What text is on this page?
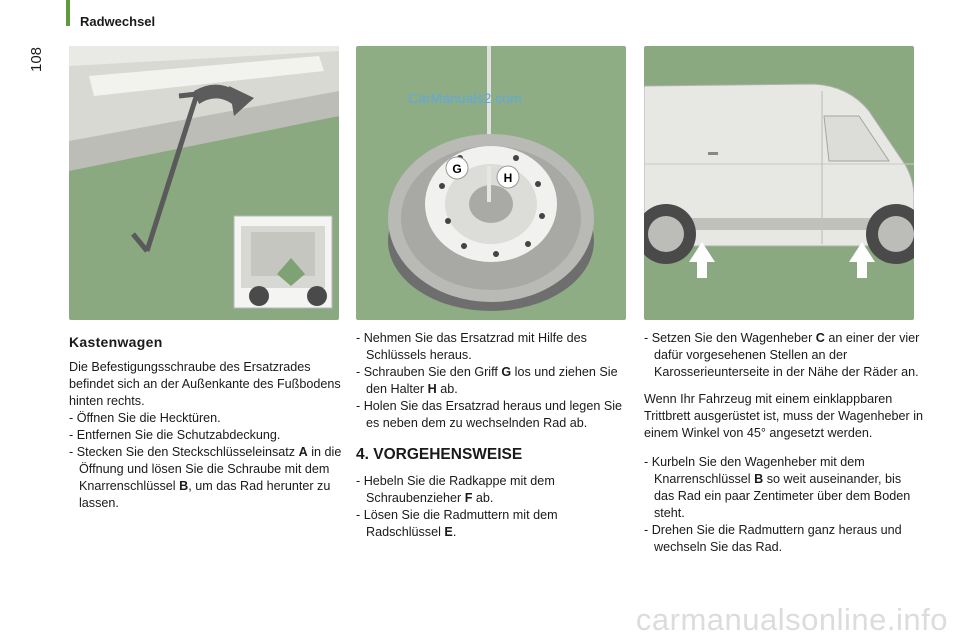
Radwechsel
108
G
H
CarManuals2.com
Kastenwagen

Die Befestigungsschraube des Ersatzrades befindet sich an der Außenkante des Fußbodens hinten rechts.

- Öffnen Sie die Hecktüren.

- Entfernen Sie die Schutzabdeckung.

- Stecken Sie den Steckschlüsseleinsatz A in die Öffnung und lösen Sie die Schraube mit dem Knarrenschlüssel B, um das Rad herunter zu lassen.

- Nehmen Sie das Ersatzrad mit Hilfe des Schlüssels heraus.

- Schrauben Sie den Griff G los und ziehen Sie den Halter H ab.

- Holen Sie das Ersatzrad heraus und legen Sie es neben dem zu wechselnden Rad ab.

4. VORGEHENSWEISE

- Hebeln Sie die Radkappe mit dem Schraubenzieher F ab.

- Lösen Sie die Radmuttern mit dem Radschlüssel E.

- Setzen Sie den Wagenheber C an einer der vier dafür vorgesehenen Stellen an der Karosserieunterseite in der Nähe der Räder an.

Wenn Ihr Fahrzeug mit einem einklappbaren Trittbrett ausgerüstet ist, muss der Wagenheber in einem Winkel von 45° angesetzt werden.

- Kurbeln Sie den Wagenheber mit dem Knarrenschlüssel B so weit auseinander, bis das Rad ein paar Zentimeter über dem Boden steht.

- Drehen Sie die Radmuttern ganz heraus und wechseln Sie das Rad.

carmanualsonline.info
